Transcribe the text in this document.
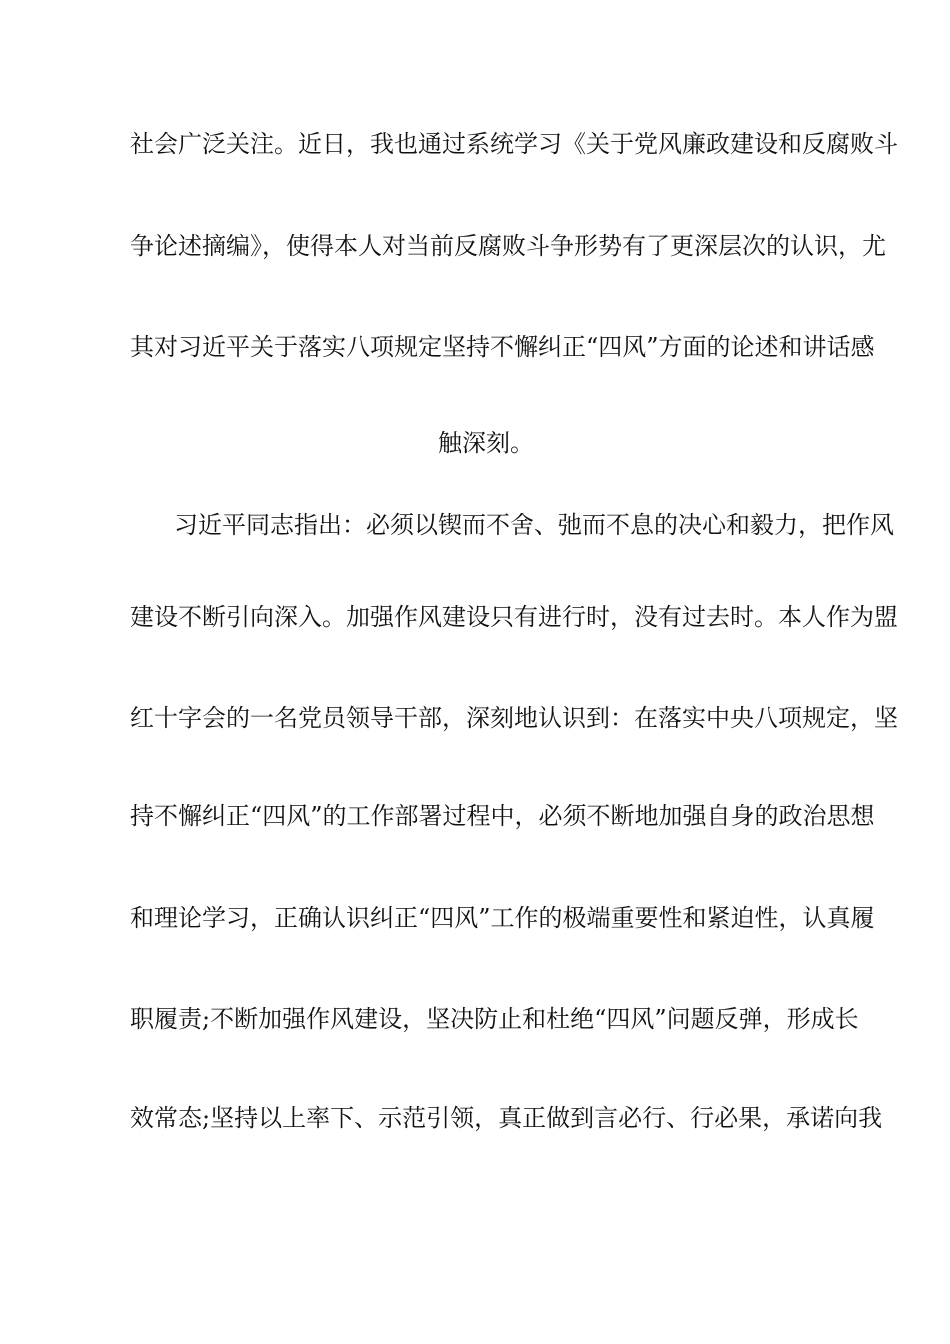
社会广泛关注。近日，我也通过系统学习《关于党风廉政建设和反腐败斗
争论述摘编》，使得本人对当前反腐败斗争形势有了更深层次的认识，尤
其对习近平关于落实八项规定坚持不懈纠正“四风”方面的论述和讲话感
触深刻。
习近平同志指出：必须以锲而不舍、弛而不息的决心和毅力，把作风
建设不断引向深入。加强作风建设只有进行时，没有过去时。本人作为盟
红十字会的一名党员领导干部，深刻地认识到：在落实中央八项规定，坚
持不懈纠正“四风”的工作部署过程中，必须不断地加强自身的政治思想
和理论学习，正确认识纠正“四风”工作的极端重要性和紧迫性，认真履
职履责;不断加强作风建设，坚决防止和杜绝“四风”问题反弹，形成长
效常态;坚持以上率下、示范引领，真正做到言必行、行必果，承诺向我
